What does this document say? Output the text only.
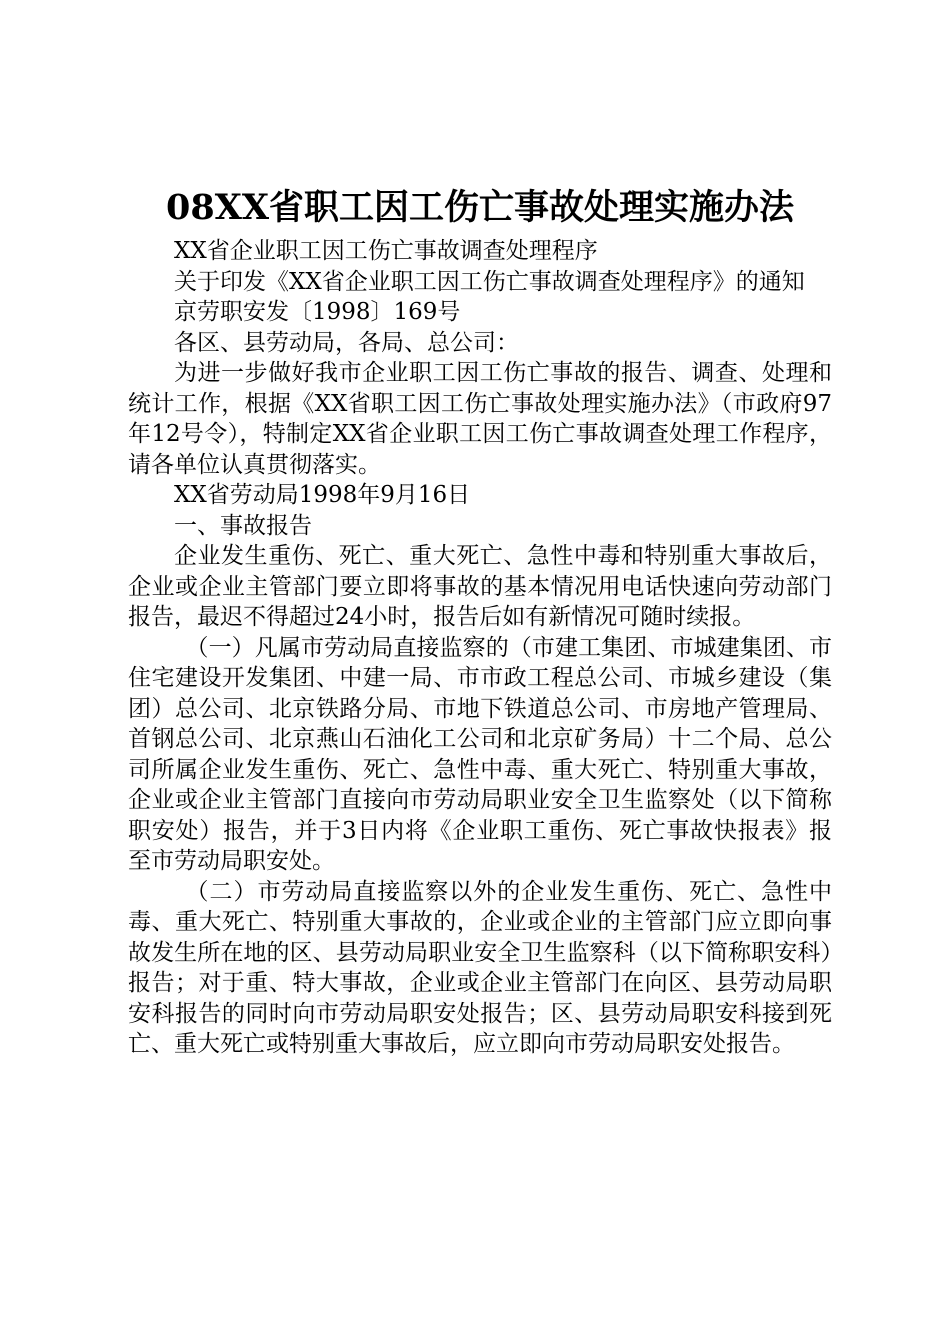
08XX省职工因工伤亡事故处理实施办法

XX省企业职工因工伤亡事故调查处理程序

关于印发《XX省企业职工因工伤亡事故调查处理程序》的通知

京劳职安发〔1998〕169号

各区、县劳动局，各局、总公司：

为进一步做好我市企业职工因工伤亡事故的报告、调查、处理和统计工作，根据《XX省职工因工伤亡事故处理实施办法》（市政府97年12号令），特制定XX省企业职工因工伤亡事故调查处理工作程序，请各单位认真贯彻落实。

XX省劳动局1998年9月16日

一、事故报告

企业发生重伤、死亡、重大死亡、急性中毒和特别重大事故后，企业或企业主管部门要立即将事故的基本情况用电话快速向劳动部门报告，最迟不得超过24小时，报告后如有新情况可随时续报。

（一）凡属市劳动局直接监察的（市建工集团、市城建集团、市住宅建设开发集团、中建一局、市市政工程总公司、市城乡建设（集团）总公司、北京铁路分局、市地下铁道总公司、市房地产管理局、首钢总公司、北京燕山石油化工公司和北京矿务局）十二个局、总公司所属企业发生重伤、死亡、急性中毒、重大死亡、特别重大事故，企业或企业主管部门直接向市劳动局职业安全卫生监察处（以下简称职安处）报告，并于3日内将《企业职工重伤、死亡事故快报表》报至市劳动局职安处。

（二）市劳动局直接监察以外的企业发生重伤、死亡、急性中毒、重大死亡、特别重大事故的，企业或企业的主管部门应立即向事故发生所在地的区、县劳动局职业安全卫生监察科（以下简称职安科）报告；对于重、特大事故，企业或企业主管部门在向区、县劳动局职安科报告的同时向市劳动局职安处报告；区、县劳动局职安科接到死亡、重大死亡或特别重大事故后，应立即向市劳动局职安处报告。
